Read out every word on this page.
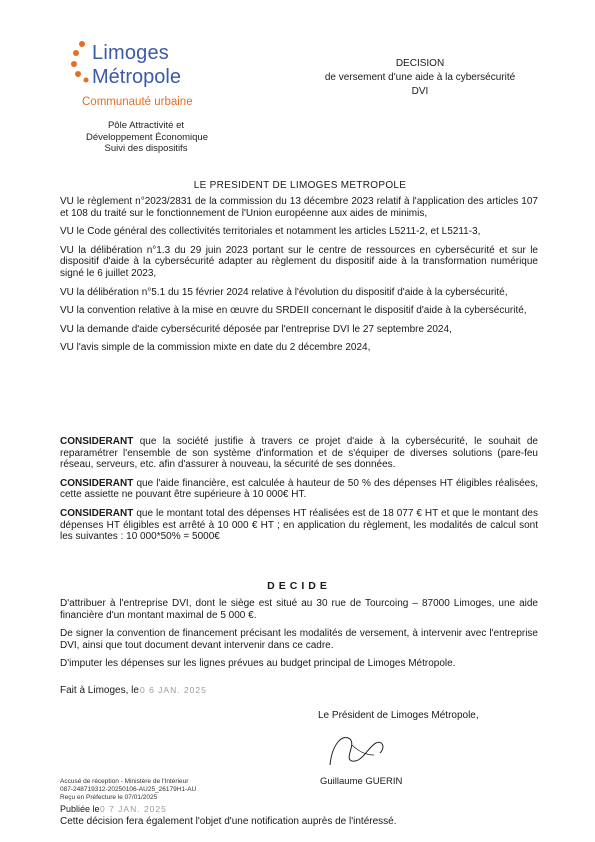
Limoges
Métropole
Communauté urbaine
Pôle Attractivité et
Développement Économique
Suivi des dispositifs
DECISION
de versement d'une aide à la cybersécurité
DVI
LE PRESIDENT DE LIMOGES METROPOLE

VU le règlement n°2023/2831 de la commission du 13 décembre 2023 relatif à l'application des articles 107 et 108 du traité sur le fonctionnement de l'Union européenne aux aides de minimis,

VU le Code général des collectivités territoriales et notamment les articles L5211-2, et L5211-3,

VU la délibération n°1.3 du 29 juin 2023 portant sur le centre de ressources en cybersécurité et sur le dispositif d'aide à la cybersécurité adapter au règlement du dispositif aide à la transformation numérique signé le 6 juillet 2023,

VU la délibération n°5.1 du 15 février 2024 relative à l'évolution du dispositif d'aide à la cybersécurité,

VU la convention relative à la mise en œuvre du SRDEII concernant le dispositif d'aide à la cybersécurité,

VU la demande d'aide cybersécurité déposée par l'entreprise DVI le 27 septembre 2024,

VU l'avis simple de la commission mixte en date du 2 décembre 2024,

CONSIDERANT que la société justifie à travers ce projet d'aide à la cybersécurité, le souhait de reparamétrer l'ensemble de son système d'information et de s'équiper de diverses solutions (pare-feu réseau, serveurs, etc. afin d'assurer à nouveau, la sécurité de ses données.

CONSIDERANT que l'aide financière, est calculée à hauteur de 50 % des dépenses HT éligibles réalisées, cette assiette ne pouvant être supérieure à 10 000€ HT.

CONSIDERANT que le montant total des dépenses HT réalisées est de 18 077 € HT et que le montant des dépenses HT éligibles est arrêté à 10 000 € HT ; en application du règlement, les modalités de calcul sont les suivantes : 10 000*50% = 5000€

DECIDE

D'attribuer à l'entreprise DVI, dont le siège est situé au 30 rue de Tourcoing – 87000 Limoges, une aide financière d'un montant maximal de 5 000 €.

De signer la convention de financement précisant les modalités de versement, à intervenir avec l'entreprise DVI, ainsi que tout document devant intervenir dans ce cadre.

D'imputer les dépenses sur les lignes prévues au budget principal de Limoges Métropole.

Fait à Limoges, le 0 6 JAN. 2025
Le Président de Limoges Métropole,
Guillaume GUERIN
Accusé de réception - Ministère de l'Intérieur
087-248719312-20250106-AU25_26179H1-AU
Reçu en Préfecture le 07/01/2025
Publiée le 0 7 JAN. 2025
Cette décision fera également l'objet d'une notification auprès de l'intéressé.
